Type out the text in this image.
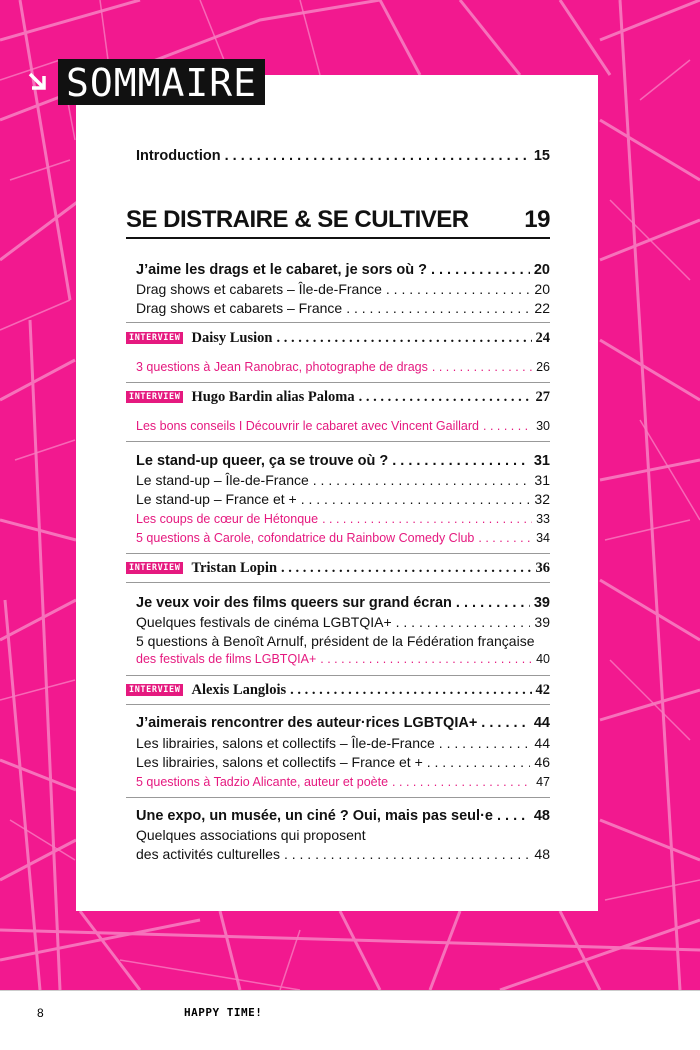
SOMMAIRE
Introduction . . .	15
SE DISTRAIRE & SE CULTIVER 19
J’aime les drags et le cabaret, je sors où ? . . .	20
Drag shows et cabarets – Île-de-France . . .	20
Drag shows et cabarets – France . . .	22
INTERVIEW Daisy Lusion . . .	24
3 questions à Jean Ranobrac, photographe de drags . . .	26
INTERVIEW Hugo Bardin alias Paloma . . .	27
Les bons conseils I Découvrir le cabaret avec Vincent Gaillard . . .	30
Le stand-up queer, ça se trouve où ? . . .	31
Le stand-up – Île-de-France . . .	31
Le stand-up – France et + . . .	32
Les coups de cœur de Hétonque . . .	33
5 questions à Carole, cofondatrice du Rainbow Comedy Club . . .	34
INTERVIEW Tristan Lopin . . .	36
Je veux voir des films queers sur grand écran . . .	39
Quelques festivals de cinéma LGBTQIA+ . . .	39
5 questions à Benoît Arnulf, président de la Fédération française
des festivals de films LGBTQIA+ . . .	40
INTERVIEW Alexis Langlois . . .	42
J’aimerais rencontrer des auteur·rices LGBTQIA+ . . .	44
Les librairies, salons et collectifs – Île-de-France . . .	44
Les librairies, salons et collectifs – France et + . . .	46
5 questions à Tadzio Alicante, auteur et poète . . .	47
Une expo, un musée, un ciné ? Oui, mais pas seul·e . . .	48
Quelques associations qui proposent
des activités culturelles . . .	48
8	HAPPY TIME!
